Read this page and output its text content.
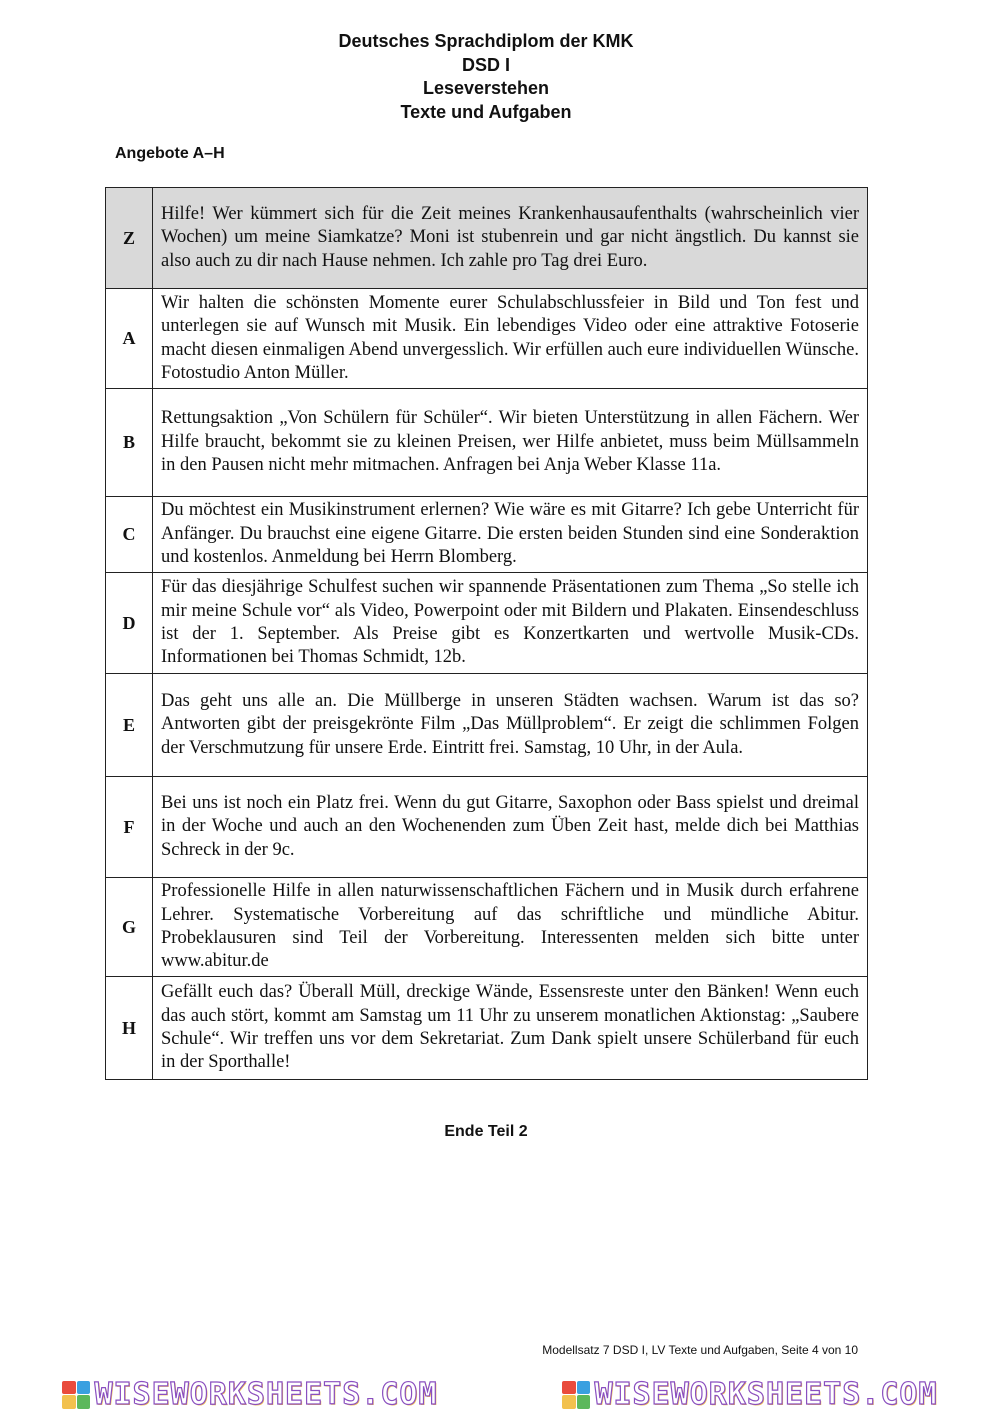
Deutsches Sprachdiplom der KMK
DSD I
Leseverstehen
Texte und Aufgaben
Angebote A–H
Z	Hilfe! Wer kümmert sich für die Zeit meines Krankenhausaufenthalts (wahrscheinlich vier Wochen) um meine Siamkatze? Moni ist stubenrein und gar nicht ängstlich. Du kannst sie also auch zu dir nach Hause nehmen. Ich zahle pro Tag drei Euro.
A	Wir halten die schönsten Momente eurer Schulabschlussfeier in Bild und Ton fest und unterlegen sie auf Wunsch mit Musik. Ein lebendiges Video oder eine attraktive Fotoserie macht diesen einmaligen Abend unvergesslich. Wir erfüllen auch eure individuellen Wünsche. Fotostudio Anton Müller.
B	Rettungsaktion „Von Schülern für Schüler“. Wir bieten Unterstützung in allen Fächern. Wer Hilfe braucht, bekommt sie zu kleinen Preisen, wer Hilfe anbietet, muss beim Müllsammeln in den Pausen nicht mehr mitmachen. Anfragen bei Anja Weber Klasse 11a.
C	Du möchtest ein Musikinstrument erlernen? Wie wäre es mit Gitarre? Ich gebe Unterricht für Anfänger. Du brauchst eine eigene Gitarre. Die ersten beiden Stunden sind eine Sonderaktion und kostenlos. Anmeldung bei Herrn Blomberg.
D	Für das diesjährige Schulfest suchen wir spannende Präsentationen zum Thema „So stelle ich mir meine Schule vor“ als Video, Powerpoint oder mit Bildern und Plakaten. Einsendeschluss ist der 1. September. Als Preise gibt es Konzertkarten und wertvolle Musik-CDs. Informationen bei Thomas Schmidt, 12b.
E	Das geht uns alle an. Die Müllberge in unseren Städten wachsen. Warum ist das so? Antworten gibt der preisgekrönte Film „Das Müllproblem“. Er zeigt die schlimmen Folgen der Verschmutzung für unsere Erde. Eintritt frei. Samstag, 10 Uhr, in der Aula.
F	Bei uns ist noch ein Platz frei. Wenn du gut Gitarre, Saxophon oder Bass spielst und dreimal in der Woche und auch an den Wochenenden zum Üben Zeit hast, melde dich bei Matthias Schreck in der 9c.
G	Professionelle Hilfe in allen naturwissenschaftlichen Fächern und in Musik durch erfahrene Lehrer. Systematische Vorbereitung auf das schriftliche und mündliche Abitur. Probeklausuren sind Teil der Vorbereitung. Interessenten melden sich bitte unter www.abitur.de
H	Gefällt euch das? Überall Müll, dreckige Wände, Essensreste unter den Bänken! Wenn euch das auch stört, kommt am Samstag um 11 Uhr zu unserem monatlichen Aktionstag: „Saubere Schule“. Wir treffen uns vor dem Sekretariat. Zum Dank spielt unsere Schülerband für euch in der Sporthalle!
Ende Teil 2
Modellsatz 7 DSD I, LV Texte und Aufgaben, Seite 4 von 10
WISEWORKSHEETS.COM	WISEWORKSHEETS.COM
